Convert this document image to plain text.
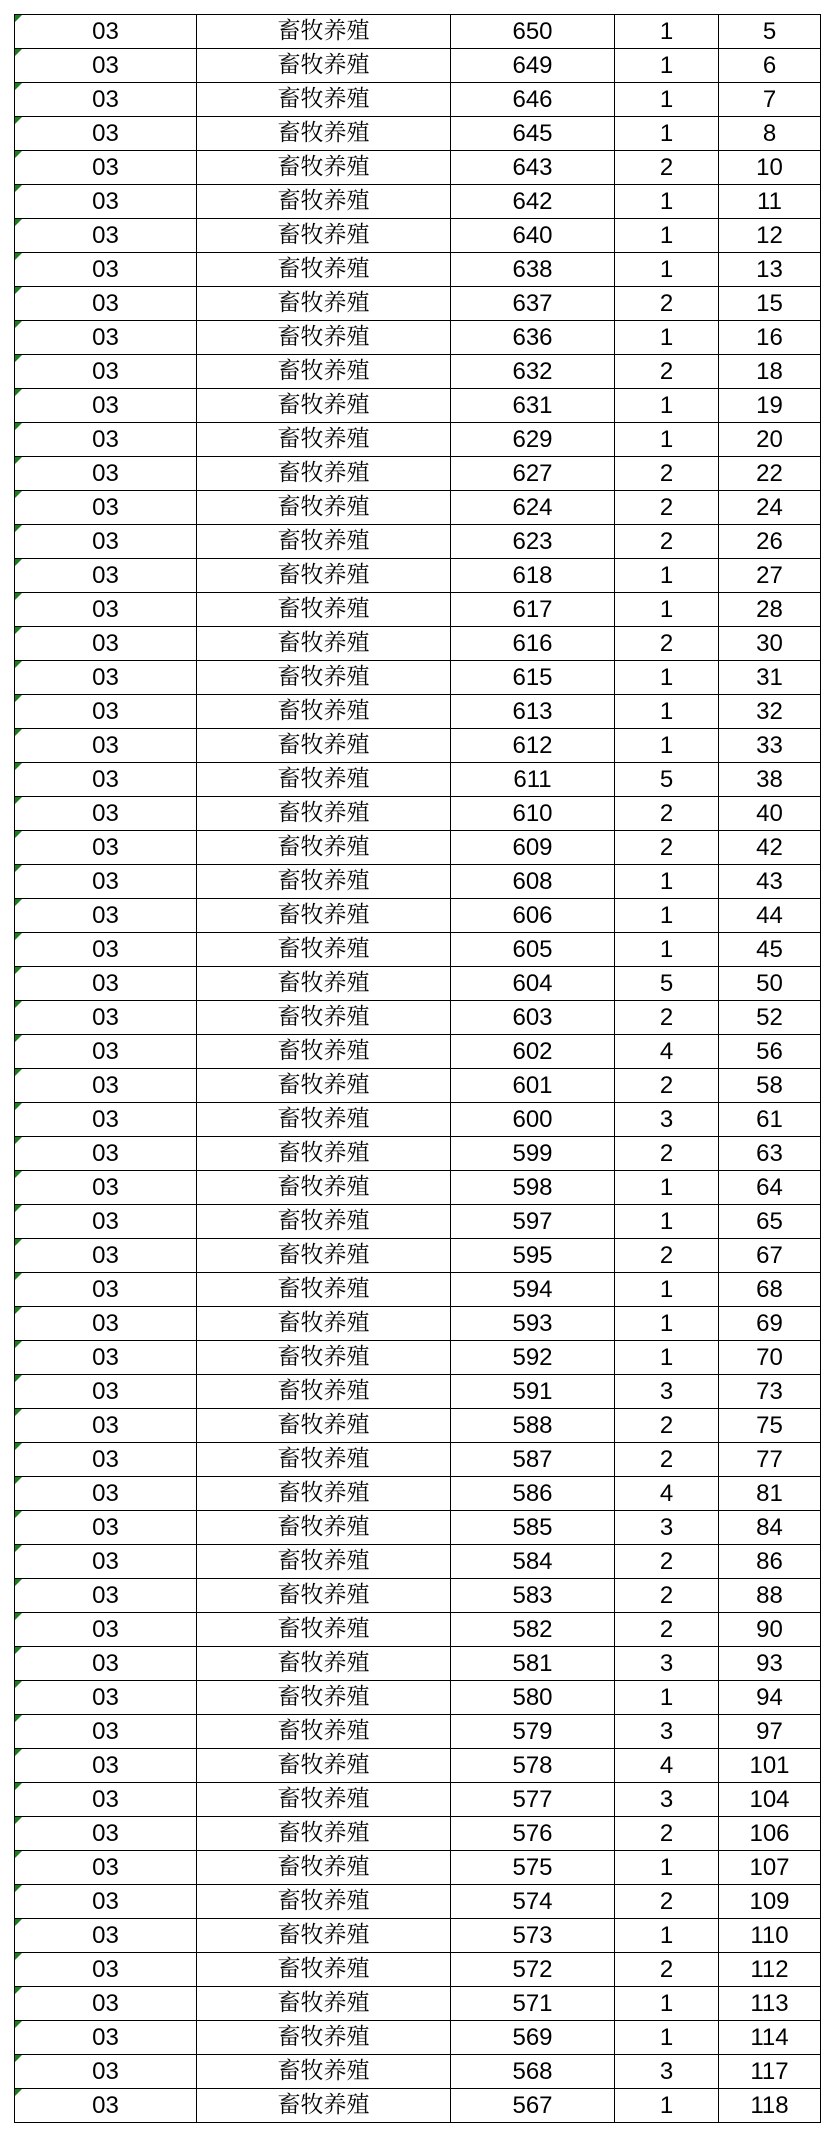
03	畜牧养殖	650	1	5
03	畜牧养殖	649	1	6
03	畜牧养殖	646	1	7
03	畜牧养殖	645	1	8
03	畜牧养殖	643	2	10
03	畜牧养殖	642	1	11
03	畜牧养殖	640	1	12
03	畜牧养殖	638	1	13
03	畜牧养殖	637	2	15
03	畜牧养殖	636	1	16
03	畜牧养殖	632	2	18
03	畜牧养殖	631	1	19
03	畜牧养殖	629	1	20
03	畜牧养殖	627	2	22
03	畜牧养殖	624	2	24
03	畜牧养殖	623	2	26
03	畜牧养殖	618	1	27
03	畜牧养殖	617	1	28
03	畜牧养殖	616	2	30
03	畜牧养殖	615	1	31
03	畜牧养殖	613	1	32
03	畜牧养殖	612	1	33
03	畜牧养殖	611	5	38
03	畜牧养殖	610	2	40
03	畜牧养殖	609	2	42
03	畜牧养殖	608	1	43
03	畜牧养殖	606	1	44
03	畜牧养殖	605	1	45
03	畜牧养殖	604	5	50
03	畜牧养殖	603	2	52
03	畜牧养殖	602	4	56
03	畜牧养殖	601	2	58
03	畜牧养殖	600	3	61
03	畜牧养殖	599	2	63
03	畜牧养殖	598	1	64
03	畜牧养殖	597	1	65
03	畜牧养殖	595	2	67
03	畜牧养殖	594	1	68
03	畜牧养殖	593	1	69
03	畜牧养殖	592	1	70
03	畜牧养殖	591	3	73
03	畜牧养殖	588	2	75
03	畜牧养殖	587	2	77
03	畜牧养殖	586	4	81
03	畜牧养殖	585	3	84
03	畜牧养殖	584	2	86
03	畜牧养殖	583	2	88
03	畜牧养殖	582	2	90
03	畜牧养殖	581	3	93
03	畜牧养殖	580	1	94
03	畜牧养殖	579	3	97
03	畜牧养殖	578	4	101
03	畜牧养殖	577	3	104
03	畜牧养殖	576	2	106
03	畜牧养殖	575	1	107
03	畜牧养殖	574	2	109
03	畜牧养殖	573	1	110
03	畜牧养殖	572	2	112
03	畜牧养殖	571	1	113
03	畜牧养殖	569	1	114
03	畜牧养殖	568	3	117
03	畜牧养殖	567	1	118
